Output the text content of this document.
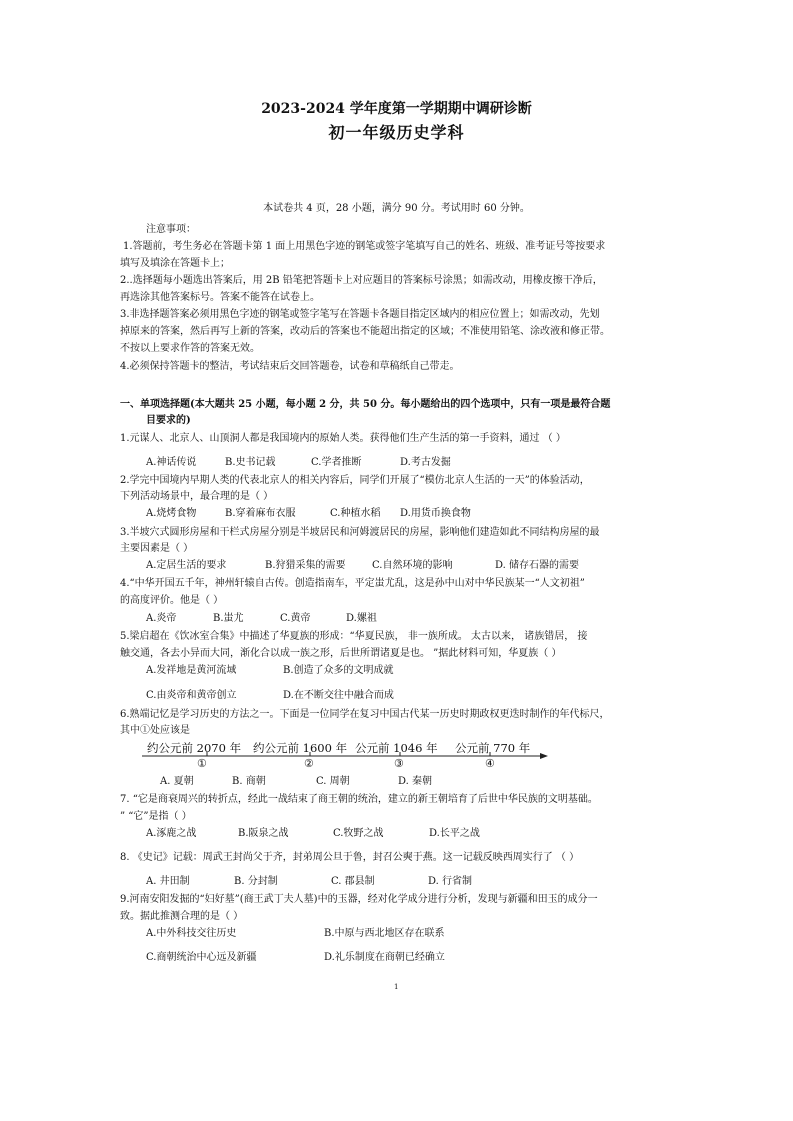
2023-2024 学年度第一学期期中调研诊断
初一年级历史学科
本试卷共 4 页，28 小题，满分 90 分。考试用时 60 分钟。
注意事项：
1.答题前，考生务必在答题卡第 1 面上用黑色字迹的钢笔或签字笔填写自己的姓名、班级、准考证号等按要求
填写及填涂在答题卡上；
2..选择题每小题选出答案后，用 2B 铅笔把答题卡上对应题目的答案标号涂黑；如需改动，用橡皮擦干净后，
再选涂其他答案标号。答案不能答在试卷上。
3.非选择题答案必须用黑色字迹的钢笔或签字笔写在答题卡各题目指定区域内的相应位置上；如需改动，先划
掉原来的答案，然后再写上新的答案，改动后的答案也不能超出指定的区域；不准使用铅笔、涂改液和修正带。
不按以上要求作答的答案无效。
4.必须保持答题卡的整洁，考试结束后交回答题卷，试卷和草稿纸自己带走。
一、单项选择题(本大题共 25 小题，每小题 2 分，共 50 分。每小题给出的四个选项中，只有一项是最符合题
目要求的)
1.元谋人、北京人、山顶洞人都是我国境内的原始人类。获得他们生产生活的第一手资料，通过 （ ）
A.神话传说	B.史书记载	C.学者推断	D.考古发掘
2.学完中国境内早期人类的代表北京人的相关内容后，同学们开展了“模仿北京人生活的一天”的体验活动，
下列活动场景中，最合理的是（ ）
A.烧烤食物	B.穿着麻布衣服	C.种植水稻 D.用货币换食物
3.半坡穴式圆形房屋和干栏式房屋分别是半坡居民和河姆渡居民的房屋，影响他们建造如此不同结构房屋的最
主要因素是（ ）
A.定居生活的要求	B.狩猎采集的需要	C.自然环境的影响	D. 储存石器的需要
4.“中华开国五千年，神州轩辕自古传。创造指南车，平定蚩尤乱，这是孙中山对中华民族某一“人文初祖”
的高度评价。他是（ ）
A.炎帝	B.蚩尤	C.黄帝	D.嫘祖
5.梁启超在《饮冰室合集》中描述了华夏族的形成：“华夏民族， 非一族所成。 太古以来， 诸族错居， 接
触交通，各去小异而大同，渐化合以成一族之形，后世所谓诸夏是也。 ”据此材料可知，华夏族（ ）
A.发祥地是黄河流域	B.创造了众多的文明成就
C.由炎帝和黄帝创立	D.在不断交往中融合而成
6.熟端记忆是学习历史的方法之一。下面是一位同学在复习中国古代某一历史时期政权更迭时制作的年代标尺，
其中①处应该是
约公元前 2070 年 约公元前 1600 年 公元前 1046 年 公元前 770 年
①	②	③	④
A. 夏朝	B. 商朝	C. 周朝	D. 秦朝
7. “它是商衰周兴的转折点，经此一战结束了商王朝的统治，建立的新王朝培育了后世中华民族的文明基础。
” “它”是指（ ）
A.涿鹿之战	B.阪泉之战	C.牧野之战	D.长平之战
8. 《史记》记载：周武王封尚父于齐，封弟周公旦于鲁，封召公奭于燕。这一记载反映西周实行了 （ ）
A. 井田制	B. 分封制	C. 郡县制	D. 行省制
9.河南安阳发掘的“妇好墓”(商王武丁夫人墓)中的玉器，经对化学成分进行分析，发现与新疆和田玉的成分一
致。据此推测合理的是（ ）
A.中外科技交往历史	B.中原与西北地区存在联系
C.商朝统治中心远及新疆	D.礼乐制度在商朝已经确立
1
